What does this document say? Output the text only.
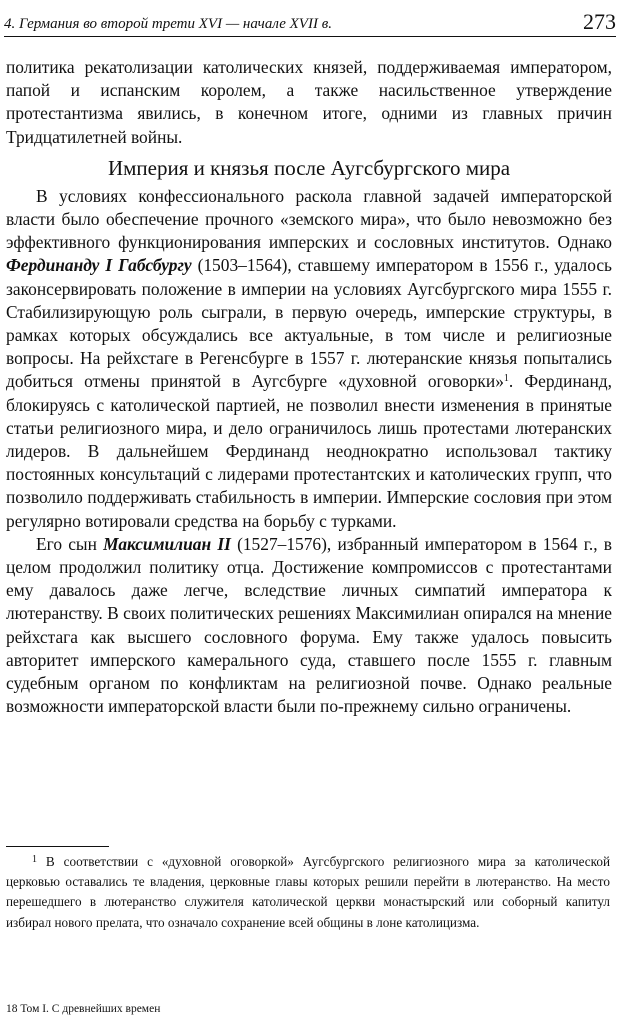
4. Германия во второй трети XVI — начале XVII в.	273

политика рекатолизации католических князей, поддерживаемая императором, папой и испанским королем, а также насильственное утверждение протестантизма явились, в конечном итоге, одними из главных причин Тридцатилетней войны.

Империя и князья после Аугсбургского мира

В условиях конфессионального раскола главной задачей императорской власти было обеспечение прочного «земского мира», что было невозможно без эффективного функционирования имперских и сословных институтов. Однако Фердинанду I Габсбургу (1503–1564), ставшему императором в 1556 г., удалось законсервировать положение в империи на условиях Аугсбургского мира 1555 г. Стабилизирующую роль сыграли, в первую очередь, имперские структуры, в рамках которых обсуждались все актуальные, в том числе и религиозные вопросы. На рейхстаге в Регенсбурге в 1557 г. лютеранские князья попытались добиться отмены принятой в Аугсбурге «духовной оговорки»$^1$. Фердинанд, блокируясь с католической партией, не позволил внести изменения в принятые статьи религиозного мира, и дело ограничилось лишь протестами лютеранских лидеров. В дальнейшем Фердинанд неоднократно использовал тактику постоянных консультаций с лидерами протестантских и католических групп, что позволило поддерживать стабильность в империи. Имперские сословия при этом регулярно вотировали средства на борьбу с турками.

Его сын Максимилиан II (1527–1576), избранный императором в 1564 г., в целом продолжил политику отца. Достижение компромиссов с протестантами ему давалось даже легче, вследствие личных симпатий императора к лютеранству. В своих политических решениях Максимилиан опирался на мнение рейхстага как высшего сословного форума. Ему также удалось повысить авторитет имперского камерального суда, ставшего после 1555 г. главным судебным органом по конфликтам на религиозной почве. Однако реальные возможности императорской власти были по-прежнему сильно ограничены.

$^1$ В соответствии с «духовной оговоркой» Аугсбургского религиозного мира за католической церковью оставались те владения, церковные главы которых решили перейти в лютеранство. На место перешедшего в лютеранство служителя католической церкви монастырский или соборный капитул избирал нового прелата, что означало сохранение всей общины в лоне католицизма.
18 Том I. С древнейших времен
